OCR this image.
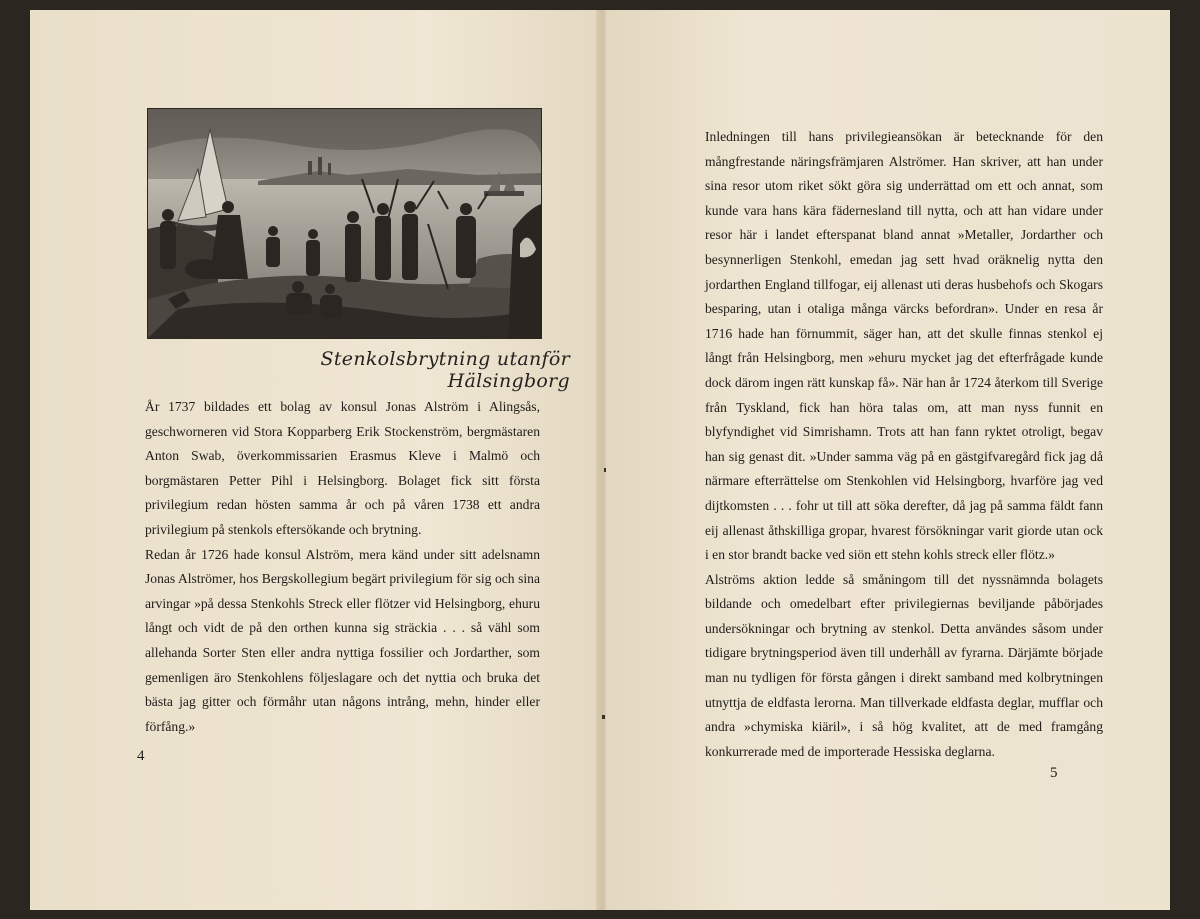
Stenkolsbrytning utanför Hälsingborg

År 1737 bildades ett bolag av konsul Jonas Alström i Alingsås, geschworneren vid Stora Kopparberg Erik Stockenström, bergmästaren Anton Swab, överkommissarien Erasmus Kleve i Malmö och borgmästaren Petter Pihl i Helsingborg. Bolaget fick sitt första privilegium redan hösten samma år och på våren 1738 ett andra privilegium på stenkols eftersökande och brytning.

Redan år 1726 hade konsul Alström, mera känd under sitt adelsnamn Jonas Alströmer, hos Bergskollegium begärt privilegium för sig och sina arvingar »på dessa Stenkohls Streck eller flötzer vid Helsingborg, ehuru långt och vidt de på den orthen kunna sig sträckia . . . så vähl som allehanda Sorter Sten eller andra nyttiga fossilier och Jordarther, som gemenligen äro Stenkohlens följeslagare och det nyttia och bruka det bästa jag gitter och förmåhr utan någons intrång, mehn, hinder eller förfång.»

4

Inledningen till hans privilegieansökan är betecknande för den mångfrestande näringsfrämjaren Alströmer. Han skriver, att han under sina resor utom riket sökt göra sig underrättad om ett och annat, som kunde vara hans kära fädernesland till nytta, och att han vidare under resor här i landet efterspanat bland annat »Metaller, Jordarther och besynnerligen Stenkohl, emedan jag sett hvad oräknelig nytta den jordarthen England tillfogar, eij allenast uti deras husbehofs och Skogars besparing, utan i otaliga många värcks befordran». Under en resa år 1716 hade han förnummit, säger han, att det skulle finnas stenkol ej långt från Helsingborg, men »ehuru mycket jag det efterfrågade kunde dock därom ingen rätt kunskap få». När han år 1724 återkom till Sverige från Tyskland, fick han höra talas om, att man nyss funnit en blyfyndighet vid Simrishamn. Trots att han fann ryktet otroligt, begav han sig genast dit. »Under samma väg på en gästgifvaregård fick jag då närmare efterrättelse om Stenkohlen vid Helsingborg, hvarföre jag ved dijtkomsten . . . fohr ut till att söka derefter, då jag på samma fäldt fann eij allenast åthskilliga gropar, hvarest försökningar varit giorde utan ock i en stor brandt backe ved siön ett stehn kohls streck eller flötz.»

Alströms aktion ledde så småningom till det nyssnämnda bolagets bildande och omedelbart efter privilegiernas beviljande påbörjades undersökningar och brytning av stenkol. Detta användes såsom under tidigare brytningsperiod även till underhåll av fyrarna. Därjämte började man nu tydligen för första gången i direkt samband med kolbrytningen utnyttja de eldfasta lerorna. Man tillverkade eldfasta deglar, mufflar och andra »chymiska kiäril», i så hög kvalitet, att de med framgång konkurrerade med de importerade Hessiska deglarna.

5
